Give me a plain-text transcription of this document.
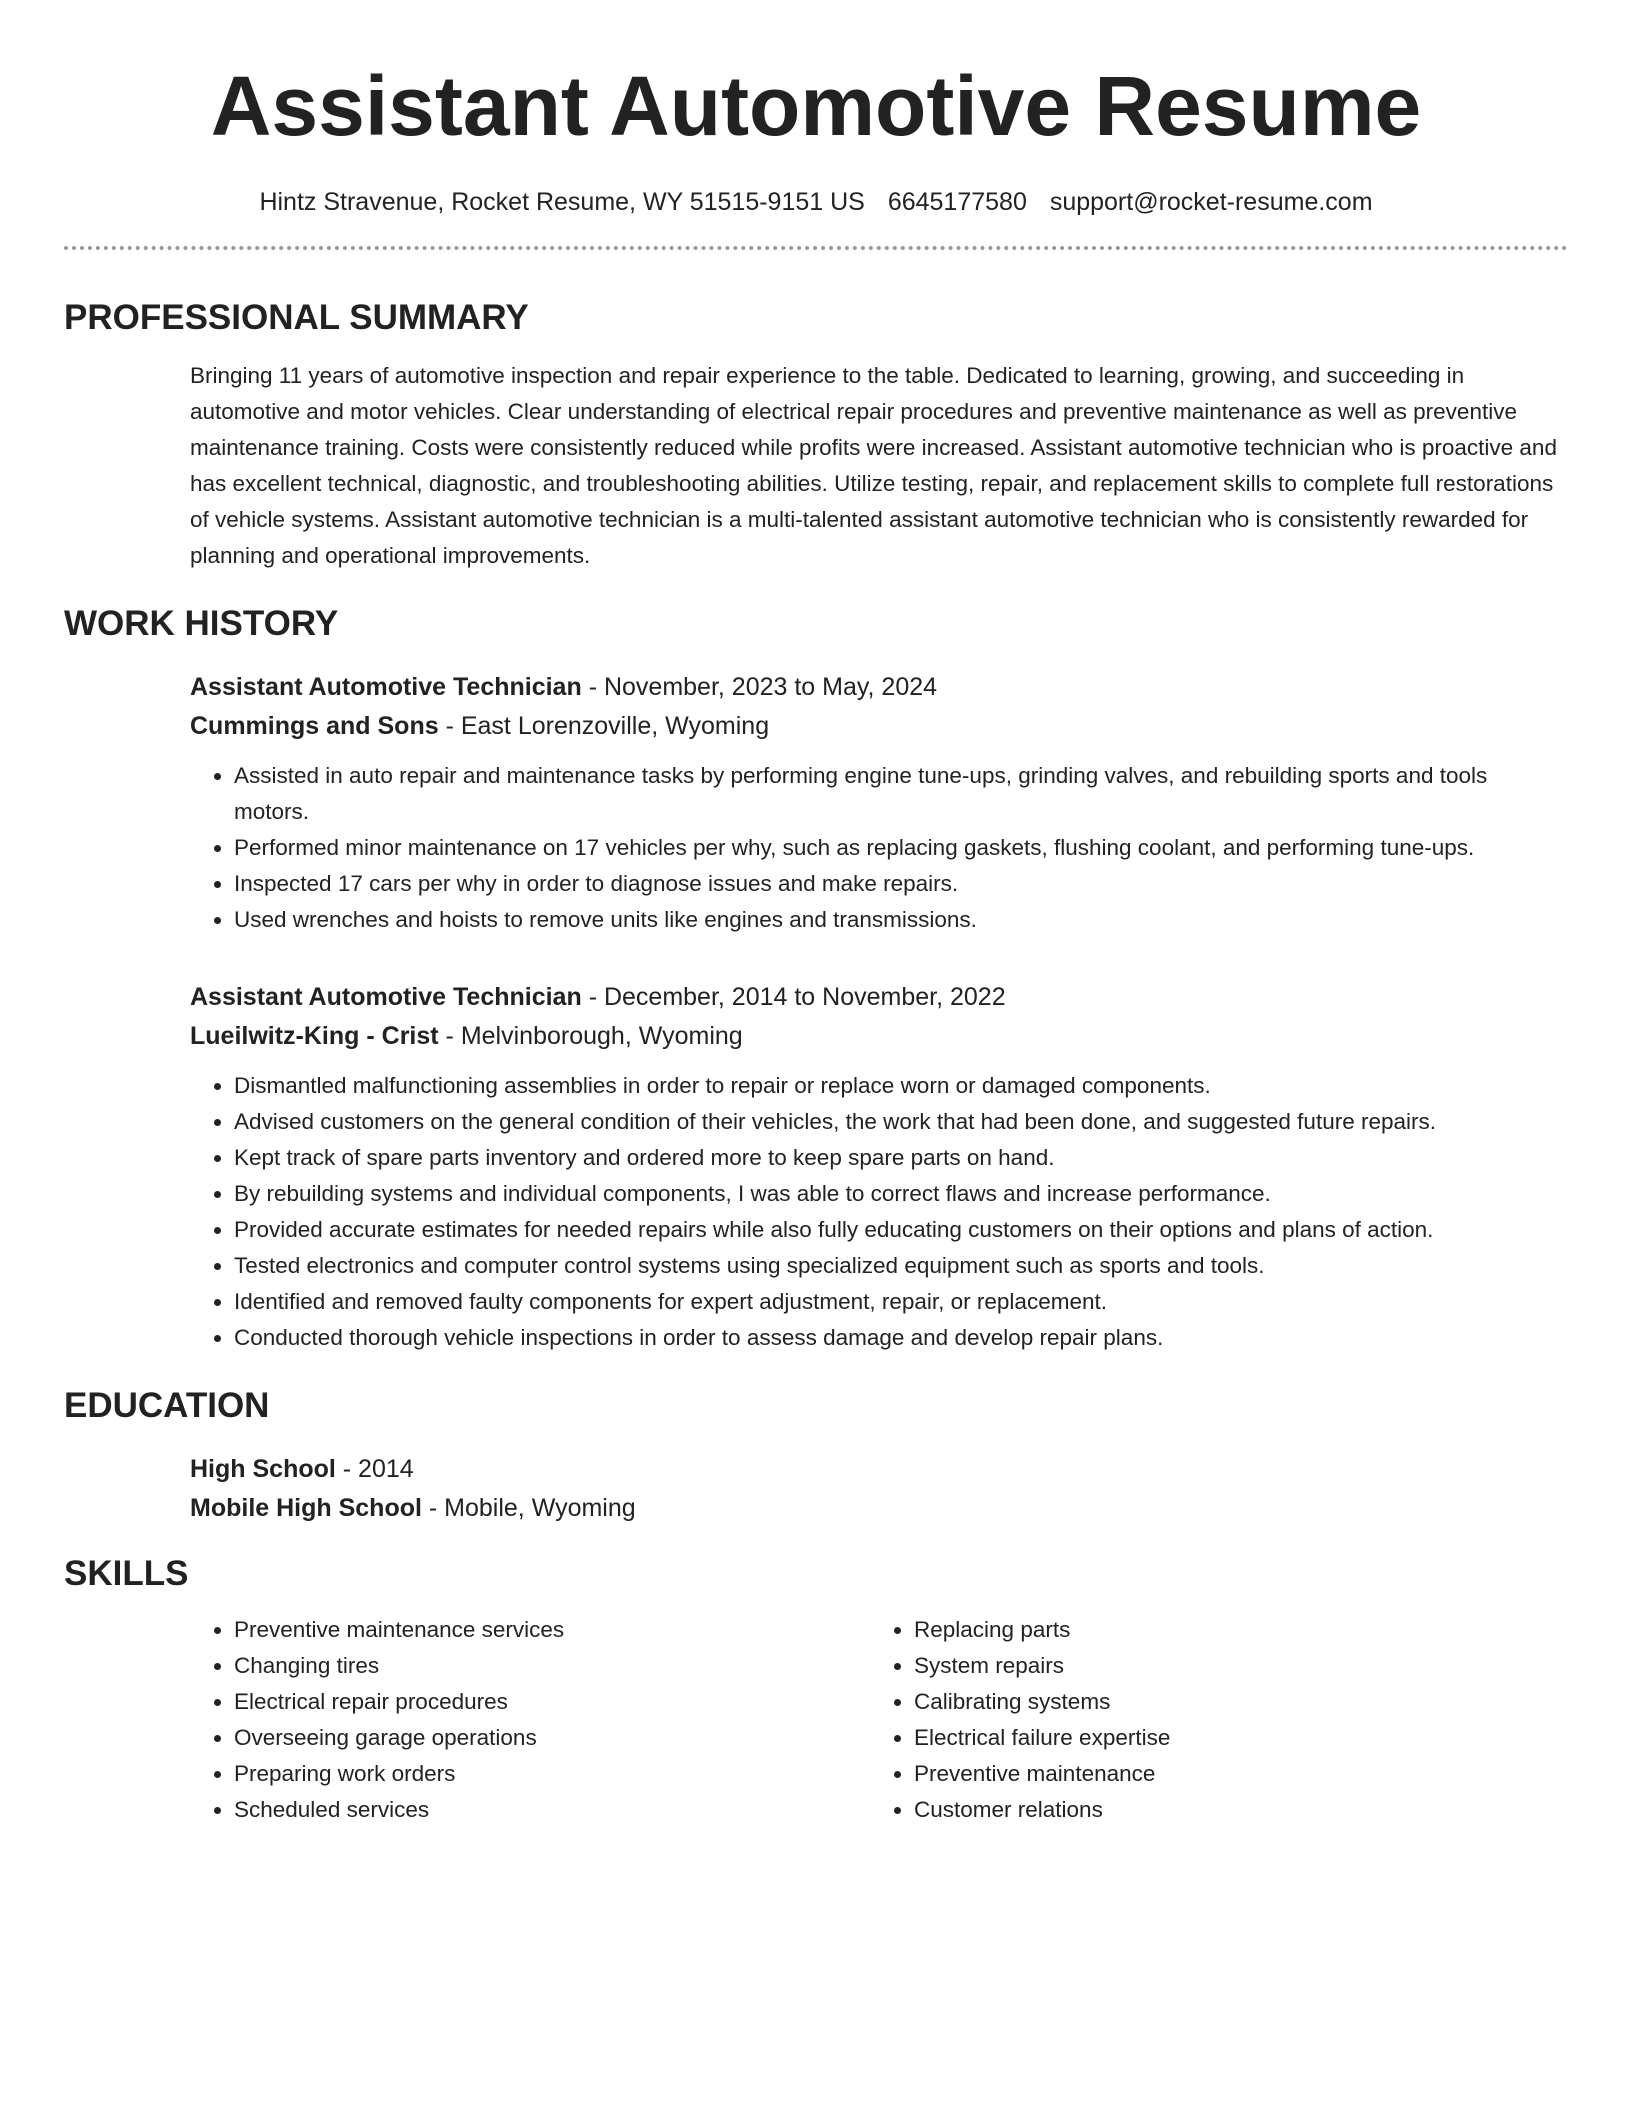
Assistant Automotive Resume
Hintz Stravenue, Rocket Resume, WY 51515-9151 US 6645177580 support@rocket-resume.com
PROFESSIONAL SUMMARY
Bringing 11 years of automotive inspection and repair experience to the table. Dedicated to learning, growing, and succeeding in automotive and motor vehicles. Clear understanding of electrical repair procedures and preventive maintenance as well as preventive maintenance training. Costs were consistently reduced while profits were increased. Assistant automotive technician who is proactive and has excellent technical, diagnostic, and troubleshooting abilities. Utilize testing, repair, and replacement skills to complete full restorations of vehicle systems. Assistant automotive technician is a multi-talented assistant automotive technician who is consistently rewarded for planning and operational improvements.
WORK HISTORY
Assistant Automotive Technician - November, 2023 to May, 2024
Cummings and Sons - East Lorenzoville, Wyoming
• Assisted in auto repair and maintenance tasks by performing engine tune-ups, grinding valves, and rebuilding sports and tools motors.
• Performed minor maintenance on 17 vehicles per why, such as replacing gaskets, flushing coolant, and performing tune-ups.
• Inspected 17 cars per why in order to diagnose issues and make repairs.
• Used wrenches and hoists to remove units like engines and transmissions.
Assistant Automotive Technician - December, 2014 to November, 2022
Lueilwitz-King - Crist - Melvinborough, Wyoming
• Dismantled malfunctioning assemblies in order to repair or replace worn or damaged components.
• Advised customers on the general condition of their vehicles, the work that had been done, and suggested future repairs.
• Kept track of spare parts inventory and ordered more to keep spare parts on hand.
• By rebuilding systems and individual components, I was able to correct flaws and increase performance.
• Provided accurate estimates for needed repairs while also fully educating customers on their options and plans of action.
• Tested electronics and computer control systems using specialized equipment such as sports and tools.
• Identified and removed faulty components for expert adjustment, repair, or replacement.
• Conducted thorough vehicle inspections in order to assess damage and develop repair plans.
EDUCATION
High School - 2014
Mobile High School - Mobile, Wyoming
SKILLS
• Preventive maintenance services
• Changing tires
• Electrical repair procedures
• Overseeing garage operations
• Preparing work orders
• Scheduled services
• Replacing parts
• System repairs
• Calibrating systems
• Electrical failure expertise
• Preventive maintenance
• Customer relations
